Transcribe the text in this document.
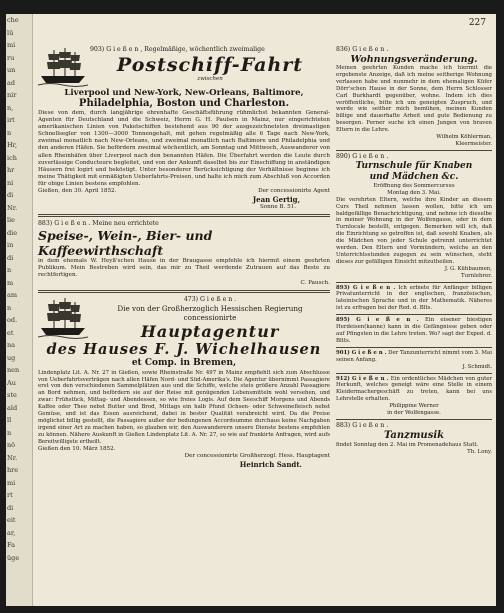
che
lü
mi
ru
un
ad
nir
n,
irt
n
Hr,
ich
hr
ni
di
Nr.
lie
die
in
di
n
m
am
n
od.
et
na
ug
nen
Au
ste
ald
ll
n
nö
Nr.
hre
mi
rt
di
eit
ar,
Fa
üge
227
903) G i e ß e n , Regelmäßige, wöchentlich zweimalige
Postschiff-Fahrt
zwischen
Liverpool und New-York, New-Orleans, Baltimore,
Philadelphia, Boston und Charleston.
Diese von dem, durch langjährige ehrenhafte Geschäftsführung rühmlichst bekannten General-Agenten für Deutschland und die Schweiz, Herrn G. H. Paulsen in Mainz, nur eingerichteten amerikanischen Linien von Paketschiffen bestehend aus 90 der ausgezeichnetsten dreimastigen Schnellsegler von 1300—3000 Tonnengehalt, mit gehen regelmäßig alle 6 Tage nach New-York, zweimal monatlich nach New-Orleans, und zweimal monatlich nach Baltimore und Philadelphia und den anderen Häfen. Sie befördern zweimal wöchentlich, am Sonntag und Mittwoch, Auswanderer von allen Rheinhäfen über Liverpool nach den benannten Häfen. Die Überfahrt werden die Leute durch zuverlässige Conducteure begleitet, und von der Ankunft daselbst bis zur Einschiffung in anständigen Häusern frei logirt und beköstigt. Unter besonderer Berücksichtigung der Verhältnisse beginne ich meine Thätigkeit mit ermäßigten Ueberfahrts-Preisen, und halte ich mich zum Abschluß von Accorden für obige Linien bestens empfohlen.
Gießen, den 30. April 1852.	Der concessionirte Agent
Jean Gertig,
Sonne B. 51.
883) G i e ß e n . Meine neu errichtete
Speise-, Wein-, Bier- und Kaffeewirthschaft
in dem ehemals W. Heyß'schen Hause in der Braugasse empfehle ich hiermit einem geehrten Publikum. Mein Bestreben wird sein, das mir zu Theil werdende Zutrauen auf das Beste zu rechtfertigen.
C. Pausch.
473) G i e ß e n .
Die von der Großherzoglich Hessischen Regierung concessionirte
Hauptagentur
des Hauses F. J. Wichelhausen
et Comp. in Bremen,
Lindenplatz Lit. A. Nr. 27 in Gießen, sowie Rheinstraße Nr. 497 in Mainz empfiehlt sich zum Abschlusse von Ueberfahrtsverträgen nach allen Häfen Nord- und Süd-Amerika's. Die Agentur übernimmt Passagiere erst von den verschiedenen Sammelplätzen aus und die Schiffe, welche stets größere Anzahl Passagiere an Bord nehmen, und befördern sie auf der Reise mit genügenden Lebensmitteln wohl versehen, und zwar: Frühstück, Mittag- und Abendessen, so wie freies Logis. Auf dem Seeschiff Morgens und Abends Kaffee oder Thee nebst Butter und Brod, Mittags ein halb Pfund Ochsen- oder Schweinefleisch nebst Gemüse, und ist das Essen ausreichend, dabei in bester Qualität verabreicht wird. Da die Preise möglichst billig gestellt, die Passagiere außer der bedungenen Accordsumme durchaus keine Nachgaben irgend einer Art zu machen haben, so glauben wir, den Auswanderern unsere Dienste bestens empfehlen zu können. Nähere Auskunft in Gießen Lindenplatz Lit. A. Nr. 27, so wie auf frankirte Anfragen, wird aufs Bereitwilligste ertheilt.
Gießen den 10. März 1852.
Der concessionirte Großherzogl. Hess. Hauptagent
Heinrich Sandt.
836) G i e ß e n .
Wohnungsveränderung.
Meinen geehrten Kunden mache ich hiermit die ergebenste Anzeige, daß ich meine seitherige Wohnung verlassen habe und nunmehr in dem ehemaligen Küfer Dörr'schen Hause in der Sonne, dem Herrn Schlosser Carl Burkhardt gegenüber, wohne. Indem ich dies veröffentliche, bitte ich um geneigten Zuspruch, und werde wie seither mich bemühen, meinen Kunden billige und dauerhafte Arbeit und gute Bedienung zu besorgen. Ferner suche ich einen Jungen von braven Eltern in die Lehre.
Wilhelm Köhlerman,
Kleermeister.
890) G i e ß e n .
Turnschule für Knaben
und Mädchen &c.
Eröffnung des Sommercursus
Montag den 3. Mai.
Die verehrten Eltern, welche ihre Kinder an diesem Curs Theil nehmen lassen wollen, bitte ich um baldgefällige Benachrichtigung, und nehme ich dieselbe in meiner Wohnung in der Wolfengasse, oder in dem Turnlocale bestellt, entgegen. Bemerken will ich, daß die Einrichtung so getroffen ist, daß sowohl Knaben, als die Mädchen von jeder Schule getrennt unterrichtet werden. Den Eltern und Vormündern, welche an den Unterrichtsstunden zugegen zu sein wünschen, steht dieses zur gefälligen Einsicht mitzutheilen.
J. G. Kühbaumen,
Turnlehrer.
893) G i e ß e n . Ich erbiete für Anfänger billigen Privatunterricht in der englischen, französischen, lateinischen Sprache und in der Mathematik. Näheres ist zu erfragen bei der Red. d. Blts.
895) G i e ß e n . Ein eisener biestigen Herdeisen(kanne) kann in die Gefängnisse geben oder auf Pfingsten in die Lehre treten. Wo? sagt der Exped. d. Bltts.
901) G i e ß e n . Der Tanzunterricht nimmt vom 3. Mai seinen Anfang.
J. Schmidt.
912) G i e ß e n . Ein ordentliches Mädchen von guter Herkunft, welches geneigt wäre eine Stelle in einem Kleidermachergeschäft zu treten, kann bei uns Lehrstelle erhalten.
Philippine Werner
in der Wolfengasse.
883) G i e ß e n .
Tanzmusik
findet Sonntag den 2. Mai im Promenadehaus Statt.
Th. Lony.
